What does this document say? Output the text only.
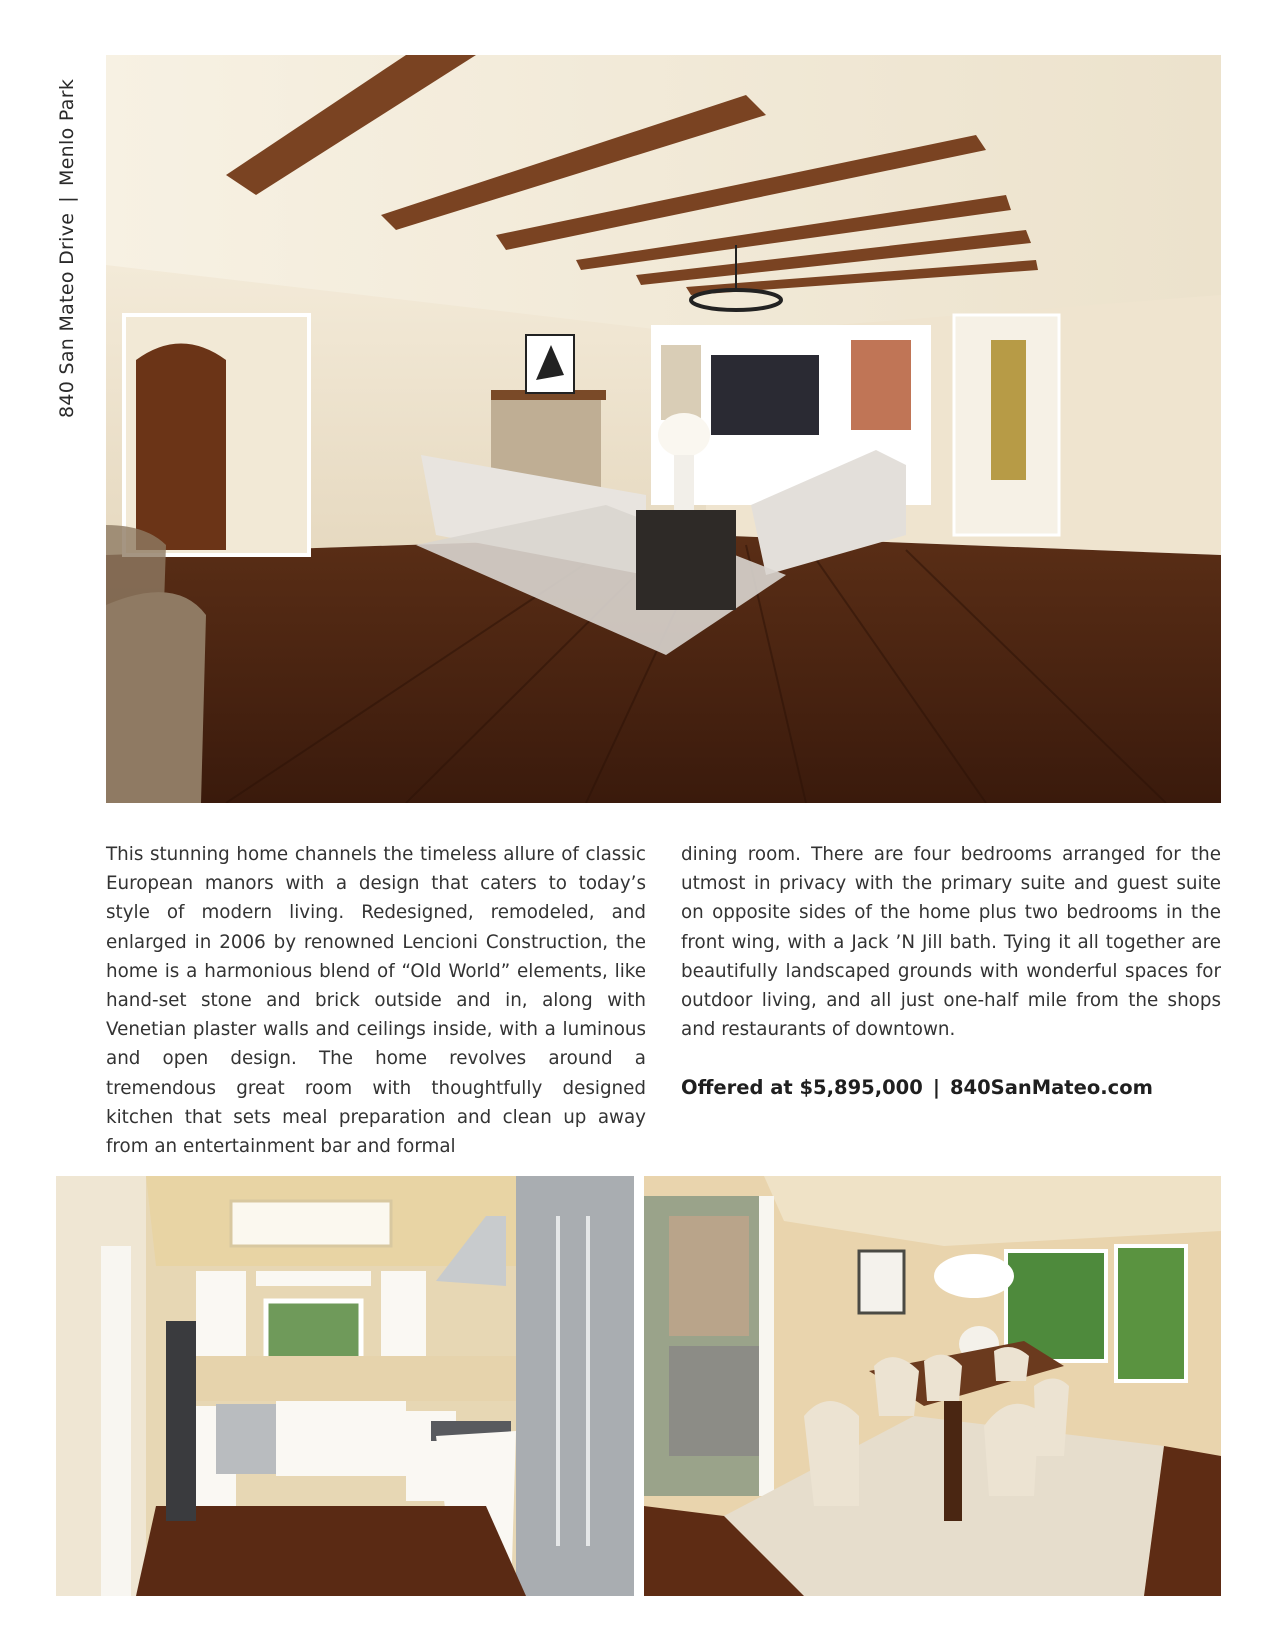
840 San Mateo Drive
|
Menlo Park

This stunning home channels the timeless allure of classic European manors with a design that caters to today’s style of modern living. Redesigned, remodeled, and enlarged in 2006 by renowned Lencioni Construction, the home is a harmonious blend of “Old World” elements, like hand-set stone and brick outside and in, along with Venetian plaster walls and ceilings inside, with a luminous and open design. The home revolves around a tremendous great room with thoughtfully designed kitchen that sets meal preparation and clean up away from an entertainment bar and formal

dining room. There are four bedrooms arranged for the utmost in privacy with the primary suite and guest suite on opposite sides of the home plus two bedrooms in the front wing, with a Jack ’N Jill bath. Tying it all together are beautifully landscaped grounds with wonderful spaces for outdoor living, and all just one-half mile from the shops and restaurants of downtown.

Offered at $5,895,000 | 840SanMateo.com
